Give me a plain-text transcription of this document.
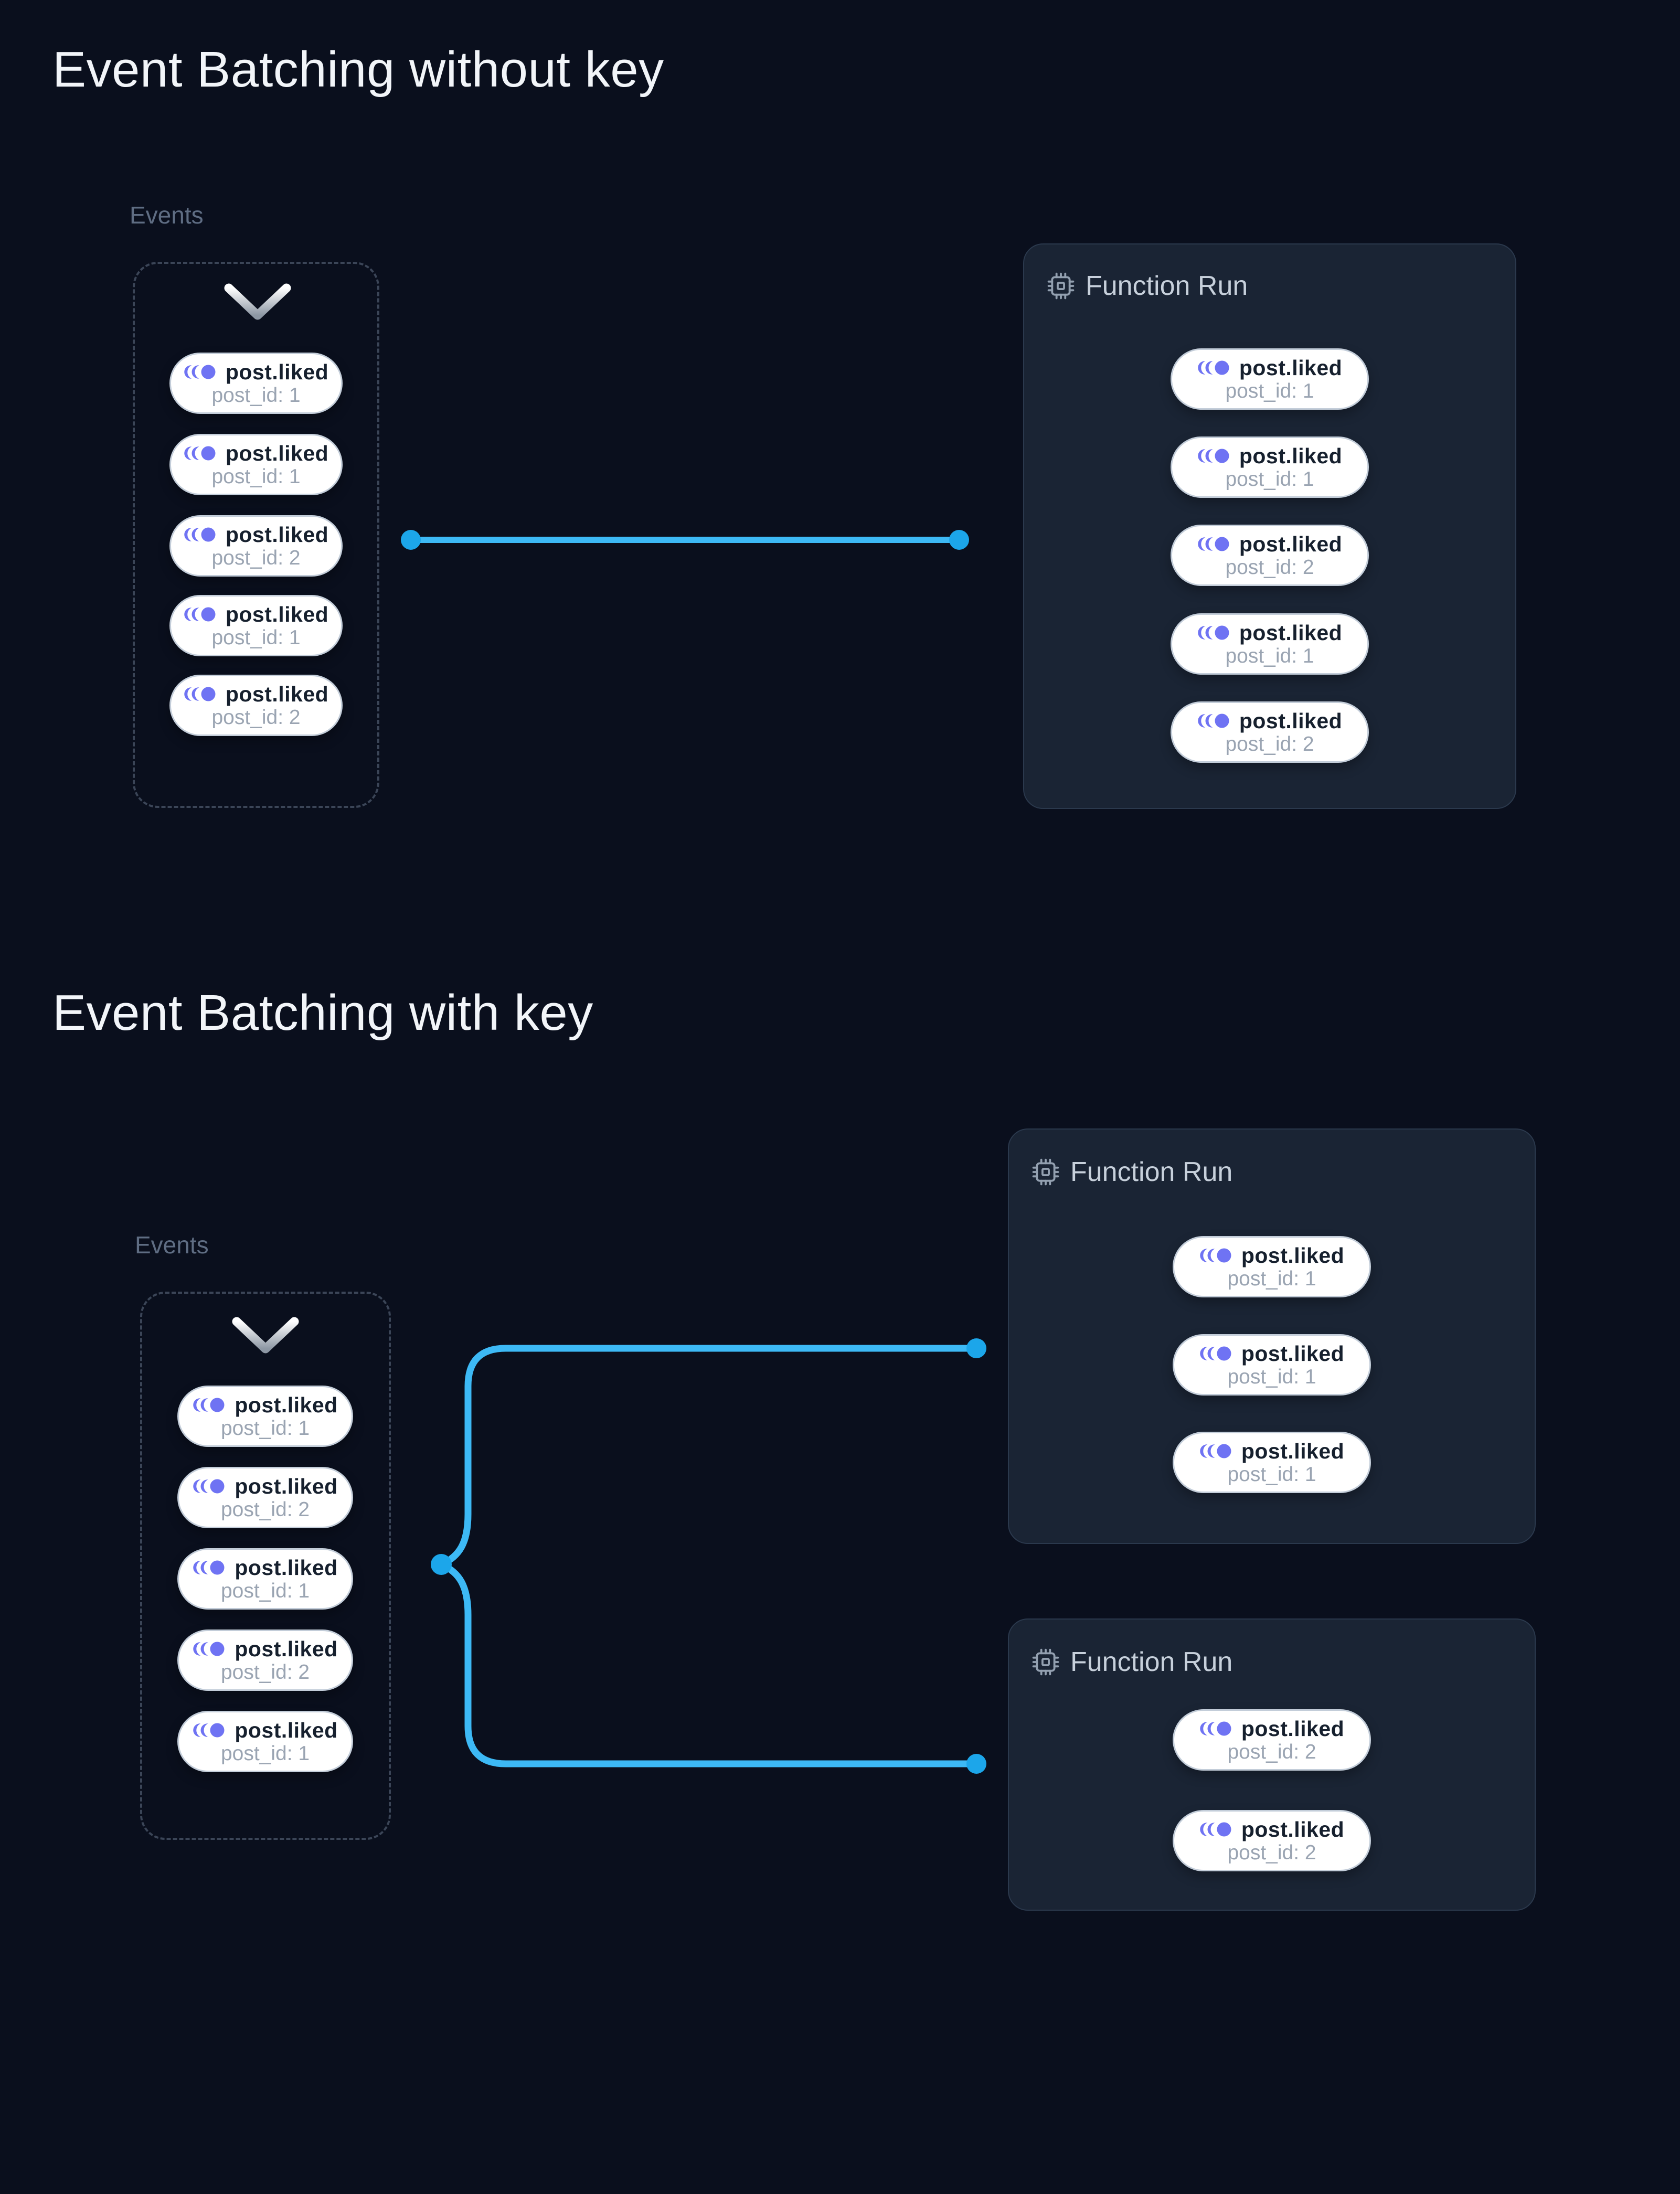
Event Batching without key
Events
post.liked
post_id: 1
post.liked
post_id: 1
post.liked
post_id: 2
post.liked
post_id: 1
post.liked
post_id: 2
Function Run
post.liked
post_id: 1
post.liked
post_id: 1
post.liked
post_id: 2
post.liked
post_id: 1
post.liked
post_id: 2
Event Batching with key
Events
post.liked
post_id: 1
post.liked
post_id: 2
post.liked
post_id: 1
post.liked
post_id: 2
post.liked
post_id: 1
Function Run
post.liked
post_id: 1
post.liked
post_id: 1
post.liked
post_id: 1
Function Run
post.liked
post_id: 2
post.liked
post_id: 2
